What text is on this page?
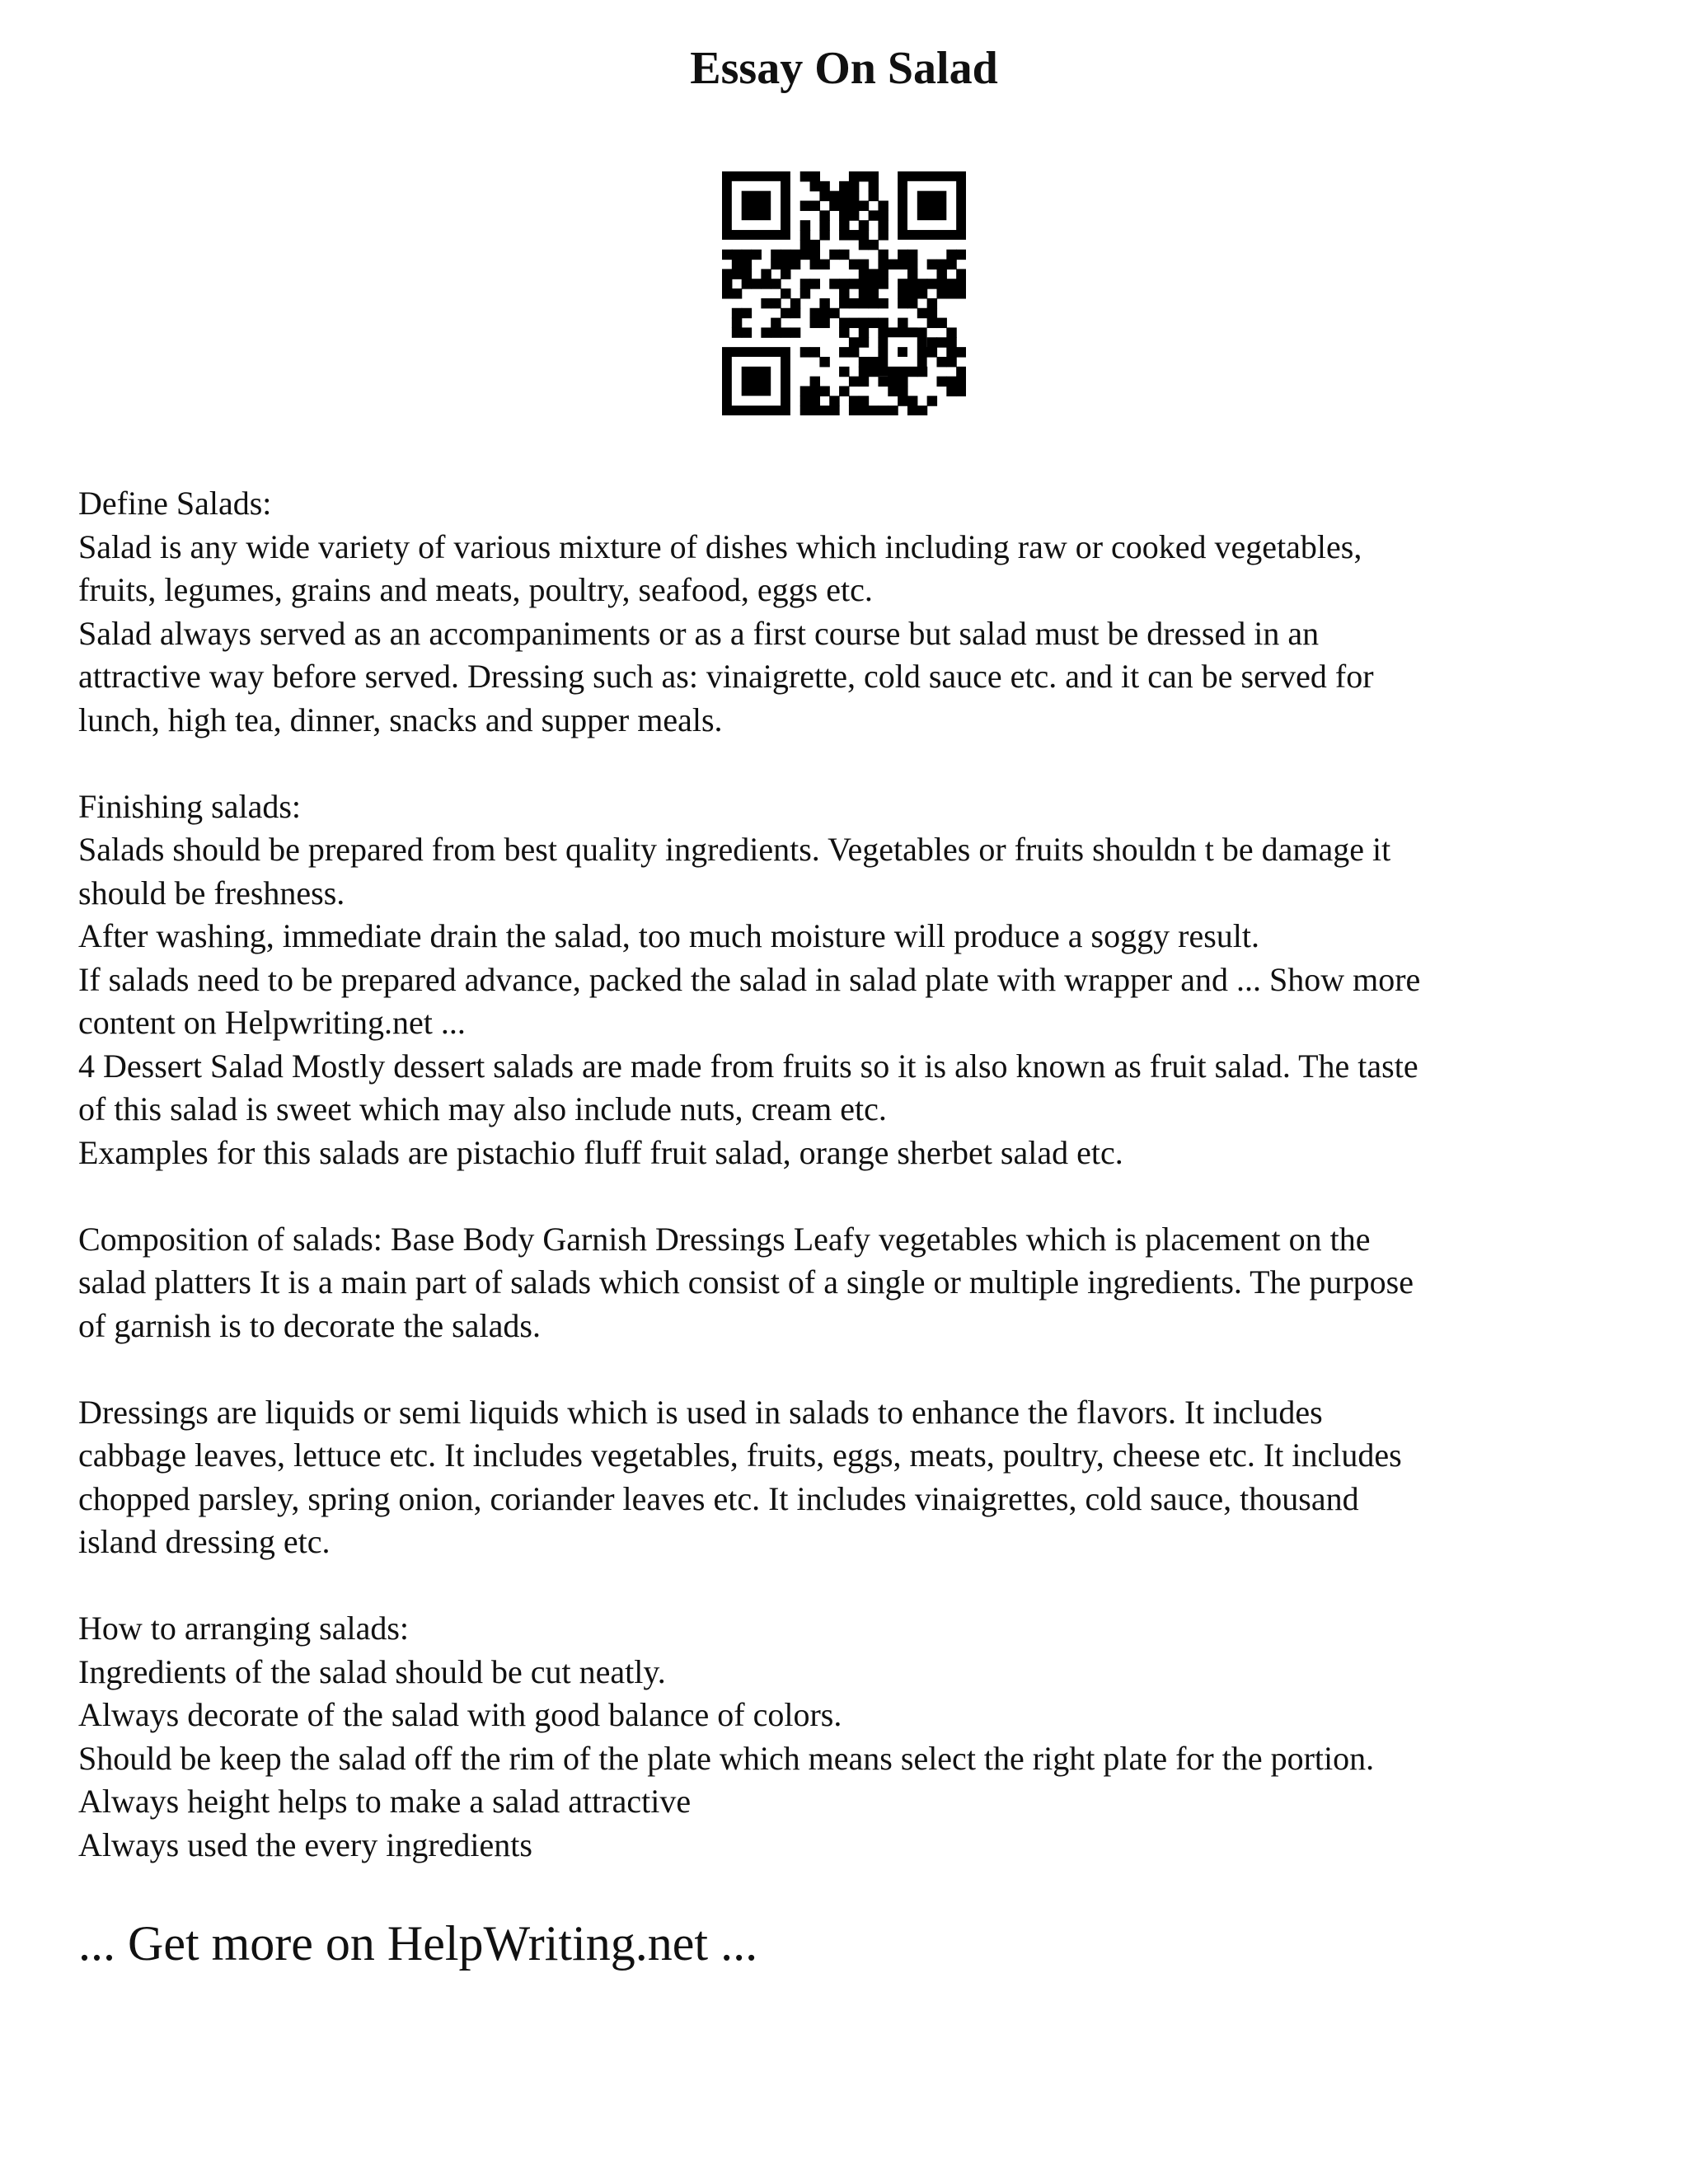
Essay On Salad
Define Salads:
Salad is any wide variety of various mixture of dishes which including raw or cooked vegetables,
fruits, legumes, grains and meats, poultry, seafood, eggs etc.
Salad always served as an accompaniments or as a first course but salad must be dressed in an
attractive way before served. Dressing such as: vinaigrette, cold sauce etc. and it can be served for
lunch, high tea, dinner, snacks and supper meals.
Finishing salads:
Salads should be prepared from best quality ingredients. Vegetables or fruits shouldn t be damage it
should be freshness.
After washing, immediate drain the salad, too much moisture will produce a soggy result.
If salads need to be prepared advance, packed the salad in salad plate with wrapper and ... Show more
content on Helpwriting.net ...
4 Dessert Salad Mostly dessert salads are made from fruits so it is also known as fruit salad. The taste
of this salad is sweet which may also include nuts, cream etc.
Examples for this salads are pistachio fluff fruit salad, orange sherbet salad etc.
Composition of salads: Base Body Garnish Dressings Leafy vegetables which is placement on the
salad platters It is a main part of salads which consist of a single or multiple ingredients. The purpose
of garnish is to decorate the salads.
Dressings are liquids or semi liquids which is used in salads to enhance the flavors. It includes
cabbage leaves, lettuce etc. It includes vegetables, fruits, eggs, meats, poultry, cheese etc. It includes
chopped parsley, spring onion, coriander leaves etc. It includes vinaigrettes, cold sauce, thousand
island dressing etc.
How to arranging salads:
Ingredients of the salad should be cut neatly.
Always decorate of the salad with good balance of colors.
Should be keep the salad off the rim of the plate which means select the right plate for the portion.
Always height helps to make a salad attractive
Always used the every ingredients

... Get more on HelpWriting.net ...
